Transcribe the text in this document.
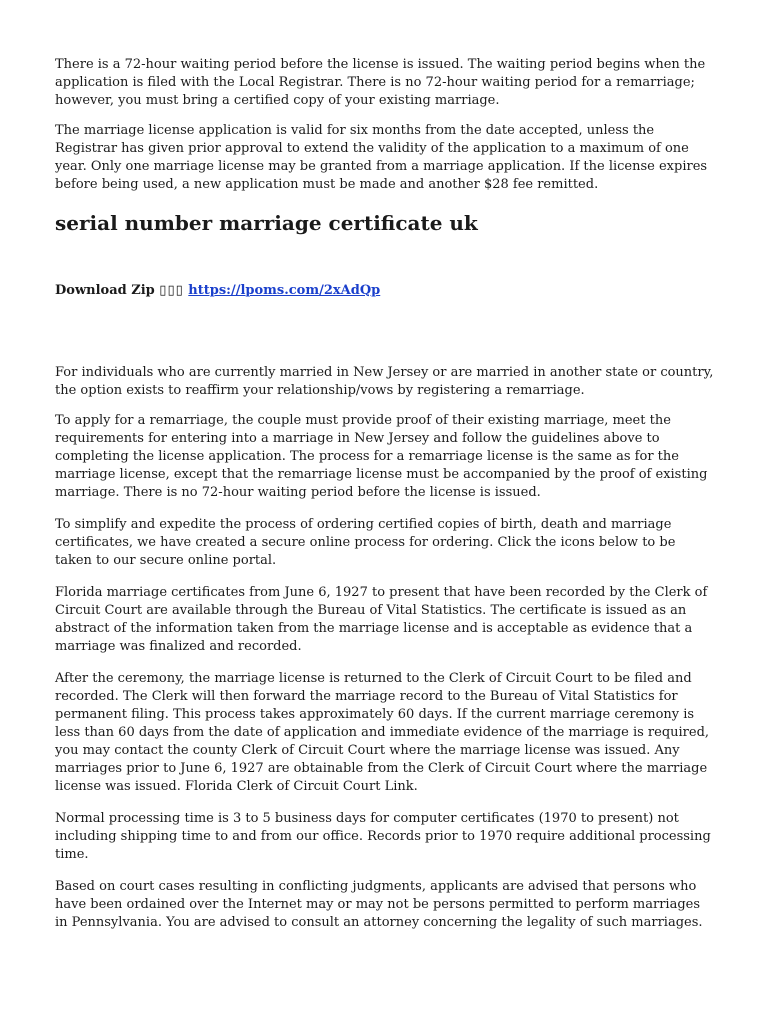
There is a 72-hour waiting period before the license is issued. The waiting period begins when the application is filed with the Local Registrar. There is no 72-hour waiting period for a remarriage; however, you must bring a certified copy of your existing marriage.

The marriage license application is valid for six months from the date accepted, unless the Registrar has given prior approval to extend the validity of the application to a maximum of one year. Only one marriage license may be granted from a marriage application. If the license expires before being used, a new application must be made and another $28 fee remitted.

serial number marriage certificate uk
Download Zip ▯▯▯ https://lpoms.com/2xAdQp

For individuals who are currently married in New Jersey or are married in another state or country, the option exists to reaffirm your relationship/vows by registering a remarriage.

To apply for a remarriage, the couple must provide proof of their existing marriage, meet the requirements for entering into a marriage in New Jersey and follow the guidelines above to completing the license application. The process for a remarriage license is the same as for the marriage license, except that the remarriage license must be accompanied by the proof of existing marriage. There is no 72-hour waiting period before the license is issued.

To simplify and expedite the process of ordering certified copies of birth, death and marriage certificates, we have created a secure online process for ordering. Click the icons below to be taken to our secure online portal.

Florida marriage certificates from June 6, 1927 to present that have been recorded by the Clerk of Circuit Court are available through the Bureau of Vital Statistics. The certificate is issued as an abstract of the information taken from the marriage license and is acceptable as evidence that a marriage was finalized and recorded.

After the ceremony, the marriage license is returned to the Clerk of Circuit Court to be filed and recorded. The Clerk will then forward the marriage record to the Bureau of Vital Statistics for permanent filing. This process takes approximately 60 days. If the current marriage ceremony is less than 60 days from the date of application and immediate evidence of the marriage is required, you may contact the county Clerk of Circuit Court where the marriage license was issued. Any marriages prior to June 6, 1927 are obtainable from the Clerk of Circuit Court where the marriage license was issued. Florida Clerk of Circuit Court Link.

Normal processing time is 3 to 5 business days for computer certificates (1970 to present) not including shipping time to and from our office. Records prior to 1970 require additional processing time.

Based on court cases resulting in conflicting judgments, applicants are advised that persons who have been ordained over the Internet may or may not be persons permitted to perform marriages in Pennsylvania. You are advised to consult an attorney concerning the legality of such marriages.
